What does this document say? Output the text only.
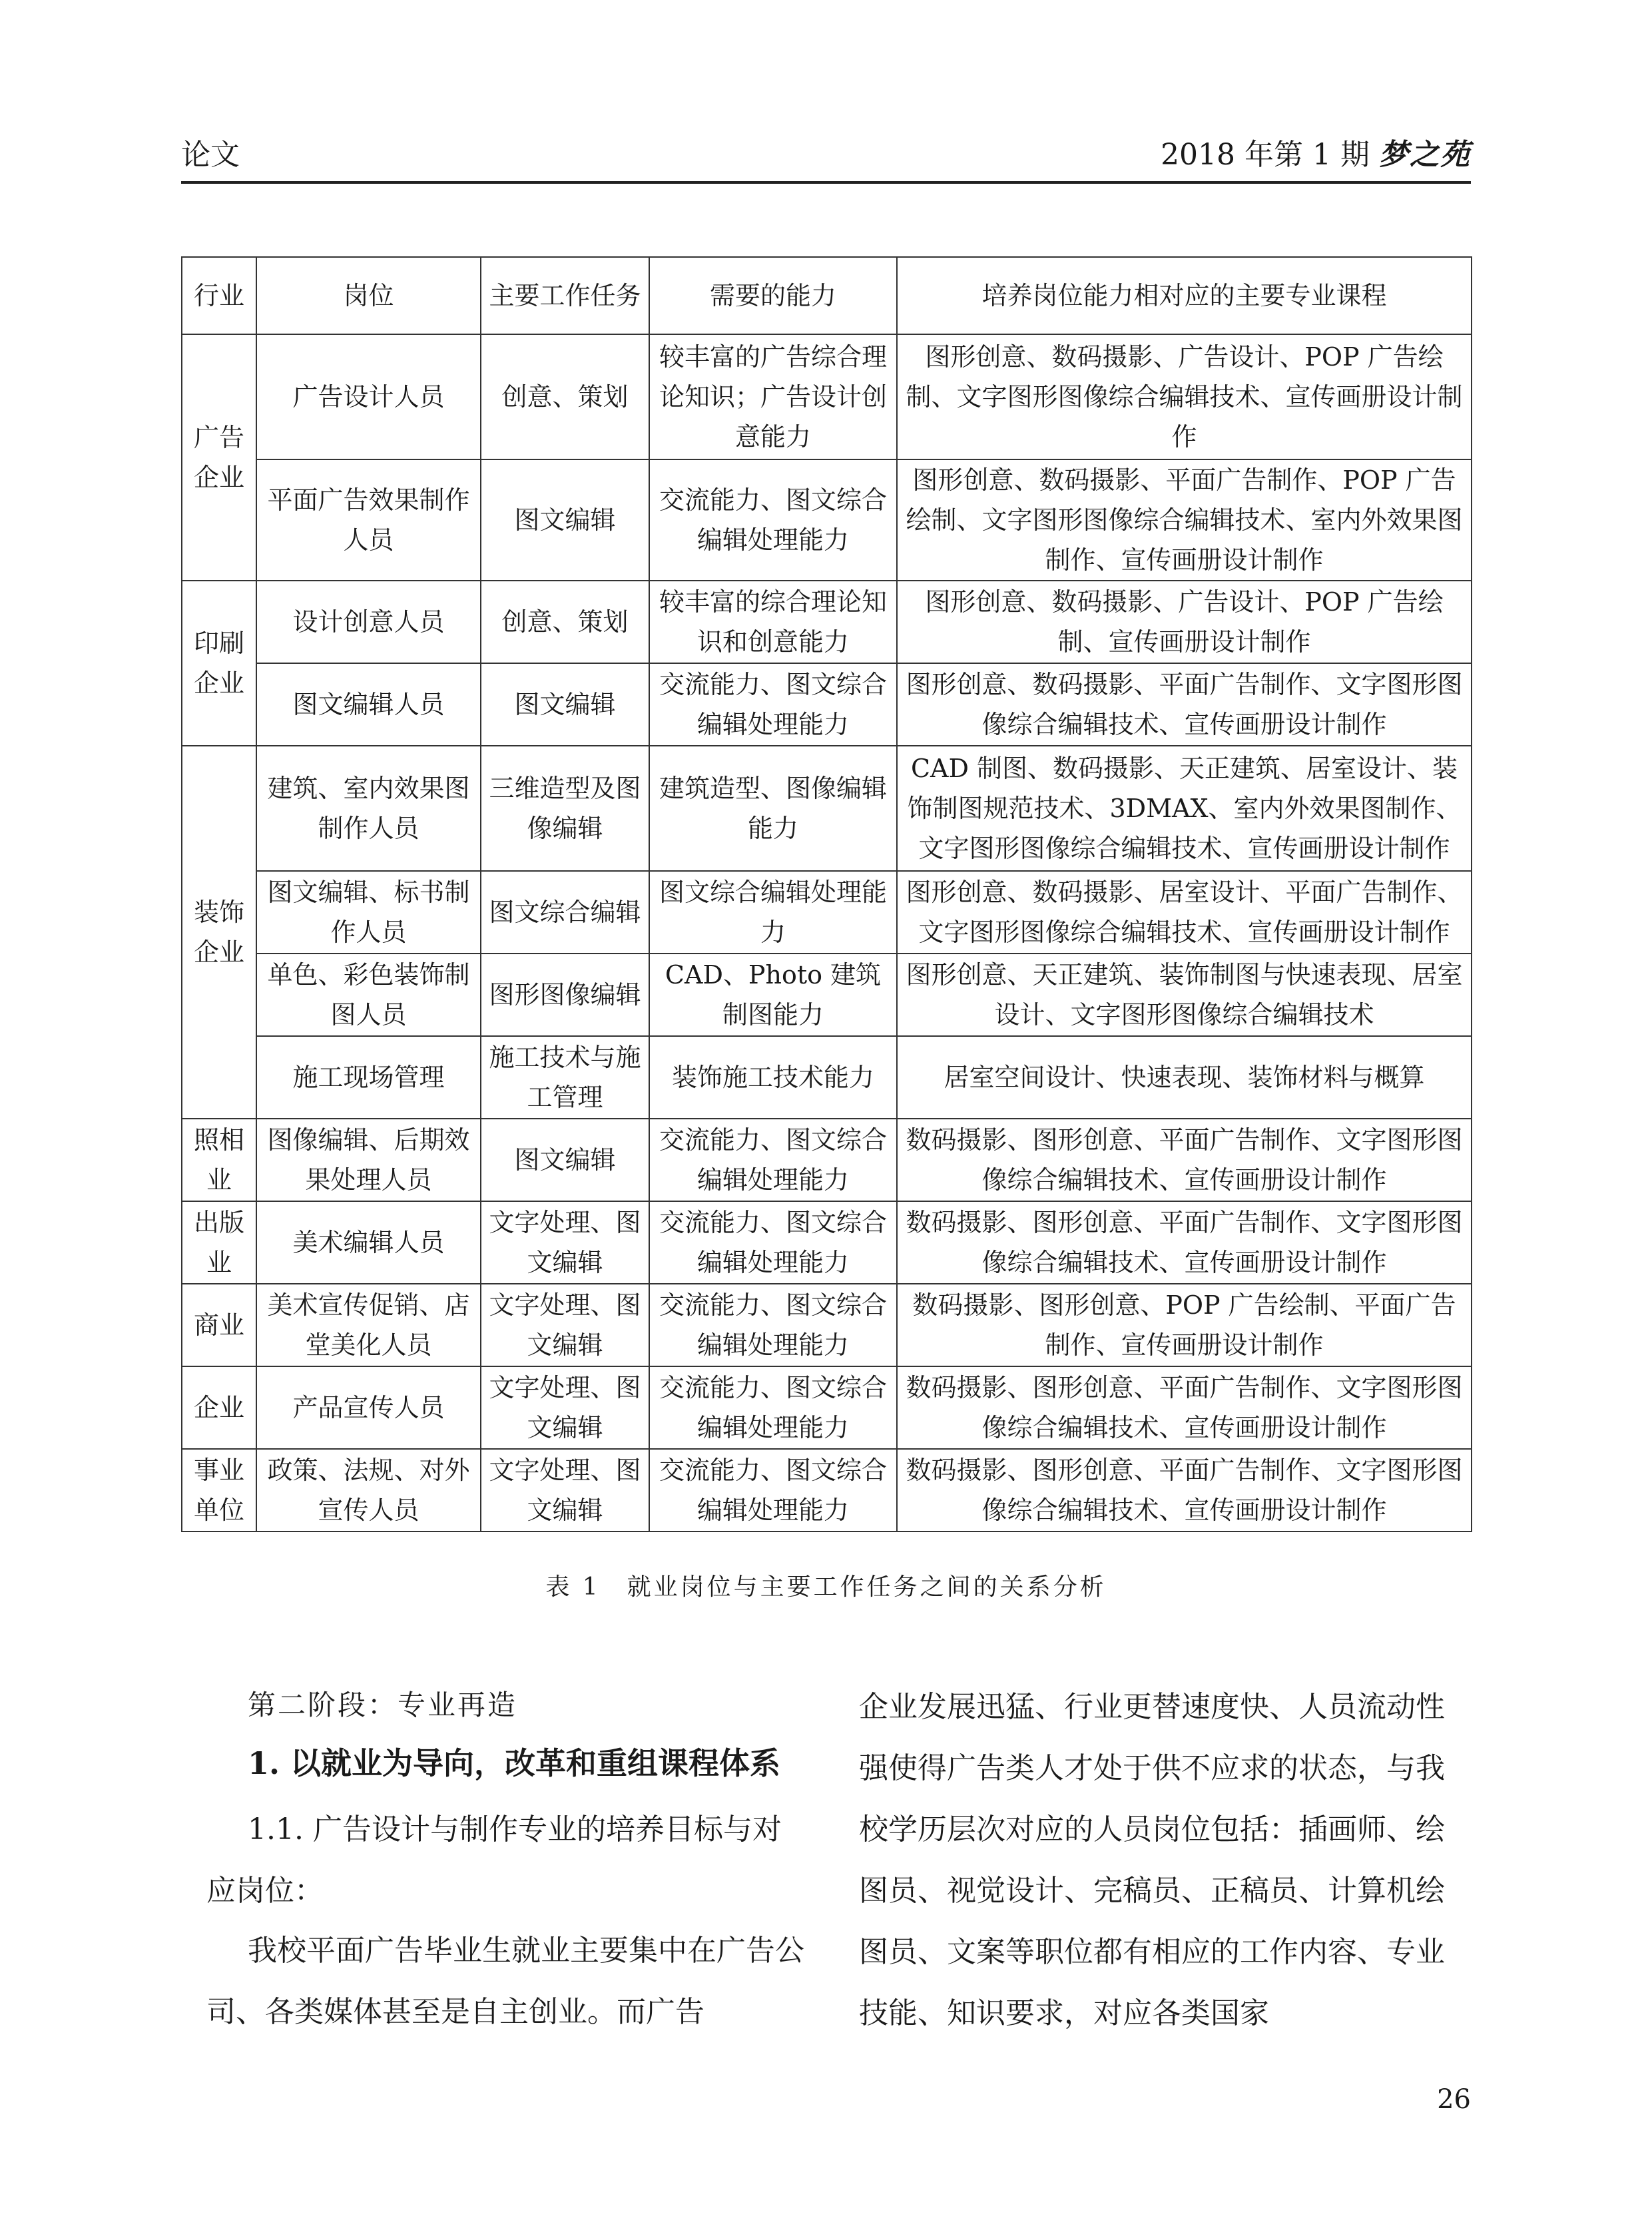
论文	2018 年第 1 期 梦之苑
行业	岗位	主要工作任务	需要的能力	培养岗位能力相对应的主要专业课程
广告企业	广告设计人员	创意、策划	较丰富的广告综合理论知识；广告设计创意能力	图形创意、数码摄影、广告设计、POP 广告绘制、文字图形图像综合编辑技术、宣传画册设计制作
	平面广告效果制作人员	图文编辑	交流能力、图文综合编辑处理能力	图形创意、数码摄影、平面广告制作、POP 广告绘制、文字图形图像综合编辑技术、室内外效果图制作、宣传画册设计制作
印刷企业	设计创意人员	创意、策划	较丰富的综合理论知识和创意能力	图形创意、数码摄影、广告设计、POP 广告绘制、宣传画册设计制作
	图文编辑人员	图文编辑	交流能力、图文综合编辑处理能力	图形创意、数码摄影、平面广告制作、文字图形图像综合编辑技术、宣传画册设计制作
装饰企业	建筑、室内效果图制作人员	三维造型及图像编辑	建筑造型、图像编辑能力	CAD 制图、数码摄影、天正建筑、居室设计、装饰制图规范技术、3DMAX、室内外效果图制作、文字图形图像综合编辑技术、宣传画册设计制作
	图文编辑、标书制作人员	图文综合编辑	图文综合编辑处理能力	图形创意、数码摄影、居室设计、平面广告制作、文字图形图像综合编辑技术、宣传画册设计制作
	单色、彩色装饰制图人员	图形图像编辑	CAD、Photo 建筑制图能力	图形创意、天正建筑、装饰制图与快速表现、居室设计、文字图形图像综合编辑技术
	施工现场管理	施工技术与施工管理	装饰施工技术能力	居室空间设计、快速表现、装饰材料与概算
照相业	图像编辑、后期效果处理人员	图文编辑	交流能力、图文综合编辑处理能力	数码摄影、图形创意、平面广告制作、文字图形图像综合编辑技术、宣传画册设计制作
出版业	美术编辑人员	文字处理、图文编辑	交流能力、图文综合编辑处理能力	数码摄影、图形创意、平面广告制作、文字图形图像综合编辑技术、宣传画册设计制作
商业	美术宣传促销、店堂美化人员	文字处理、图文编辑	交流能力、图文综合编辑处理能力	数码摄影、图形创意、POP 广告绘制、平面广告制作、宣传画册设计制作
企业	产品宣传人员	文字处理、图文编辑	交流能力、图文综合编辑处理能力	数码摄影、图形创意、平面广告制作、文字图形图像综合编辑技术、宣传画册设计制作
事业单位	政策、法规、对外宣传人员	文字处理、图文编辑	交流能力、图文综合编辑处理能力	数码摄影、图形创意、平面广告制作、文字图形图像综合编辑技术、宣传画册设计制作
表 1　就业岗位与主要工作任务之间的关系分析
第二阶段：专业再造
1. 以就业为导向，改革和重组课程体系
1.1. 广告设计与制作专业的培养目标与对应岗位：
我校平面广告毕业生就业主要集中在广告公司、各类媒体甚至是自主创业。而广告
企业发展迅猛、行业更替速度快、人员流动性强使得广告类人才处于供不应求的状态，与我校学历层次对应的人员岗位包括：插画师、绘图员、视觉设计、完稿员、正稿员、计算机绘图员、文案等职位都有相应的工作内容、专业技能、知识要求，对应各类国家
26
